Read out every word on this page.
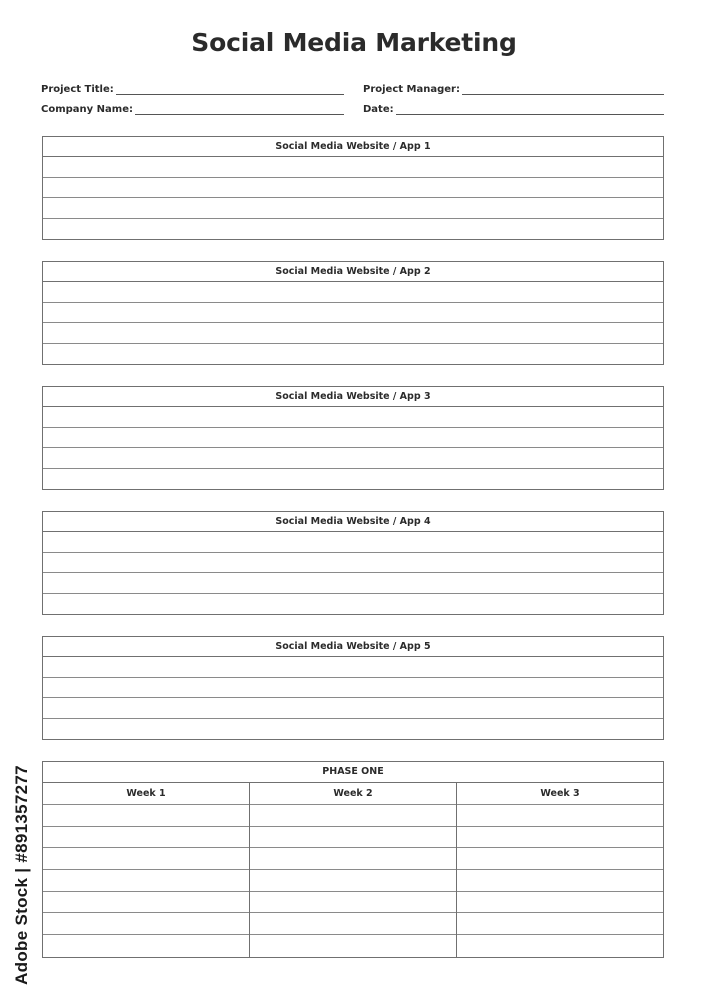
Social Media Marketing
Project Title:	Project Manager:
Company Name:	Date:
Social Media Website / App 1
Social Media Website / App 2
Social Media Website / App 3
Social Media Website / App 4
Social Media Website / App 5
PHASE ONE
Week 1	Week 2	Week 3
Adobe Stock | #891357277
